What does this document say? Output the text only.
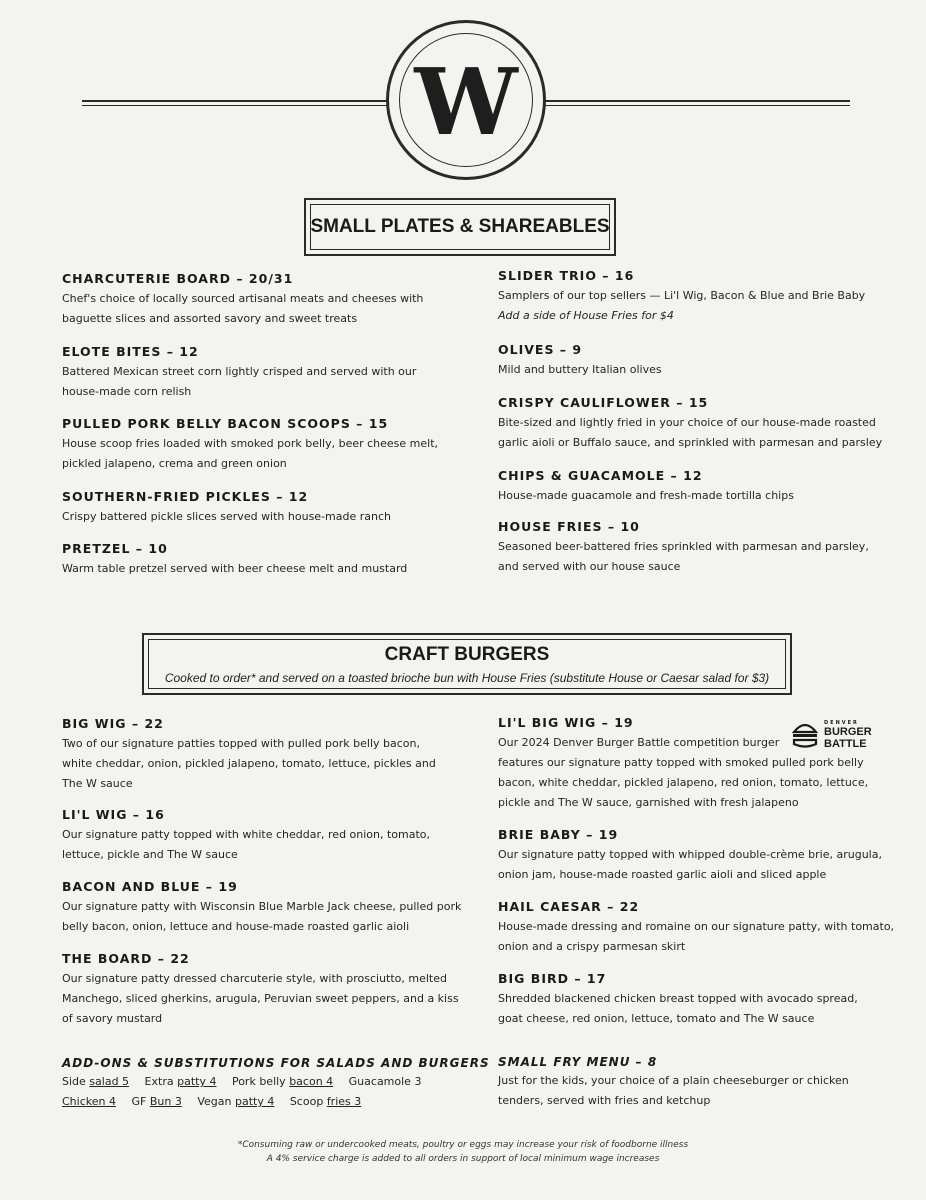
W
SMALL PLATES & SHAREABLES
CHARCUTERIE BOARD – 20/31
Chef's choice of locally sourced artisanal meats and cheeses with
baguette slices and assorted savory and sweet treats
ELOTE BITES – 12
Battered Mexican street corn lightly crisped and served with our
house-made corn relish
PULLED PORK BELLY BACON SCOOPS – 15
House scoop fries loaded with smoked pork belly, beer cheese melt,
pickled jalapeno, crema and green onion
SOUTHERN-FRIED PICKLES – 12
Crispy battered pickle slices served with house-made ranch
PRETZEL – 10
Warm table pretzel served with beer cheese melt and mustard
SLIDER TRIO – 16
Samplers of our top sellers — Li'l Wig, Bacon & Blue and Brie Baby
Add a side of House Fries for $4
OLIVES – 9
Mild and buttery Italian olives
CRISPY CAULIFLOWER – 15
Bite-sized and lightly fried in your choice of our house-made roasted
garlic aioli or Buffalo sauce, and sprinkled with parmesan and parsley
CHIPS & GUACAMOLE – 12
House-made guacamole and fresh-made tortilla chips
HOUSE FRIES – 10
Seasoned beer-battered fries sprinkled with parmesan and parsley,
and served with our house sauce
CRAFT BURGERS
Cooked to order* and served on a toasted brioche bun with House Fries (substitute House or Caesar salad for $3)
BIG WIG – 22
Two of our signature patties topped with pulled pork belly bacon,
white cheddar, onion, pickled jalapeno, tomato, lettuce, pickles and
The W sauce
LI'L WIG – 16
Our signature patty topped with white cheddar, red onion, tomato,
lettuce, pickle and The W sauce
BACON AND BLUE – 19
Our signature patty with Wisconsin Blue Marble Jack cheese, pulled pork
belly bacon, onion, lettuce and house-made roasted garlic aioli
THE BOARD – 22
Our signature patty dressed charcuterie style, with prosciutto, melted
Manchego, sliced gherkins, arugula, Peruvian sweet peppers, and a kiss
of savory mustard
LI'L BIG WIG – 19
Our 2024 Denver Burger Battle competition burger
features our signature patty topped with smoked pulled pork belly
bacon, white cheddar, pickled jalapeno, red onion, tomato, lettuce,
pickle and The W sauce, garnished with fresh jalapeno
DENVER
BURGER
BATTLE
BRIE BABY – 19
Our signature patty topped with whipped double-crème brie, arugula,
onion jam, house-made roasted garlic aioli and sliced apple
HAIL CAESAR – 22
House-made dressing and romaine on our signature patty, with tomato,
onion and a crispy parmesan skirt
BIG BIRD – 17
Shredded blackened chicken breast topped with avocado spread,
goat cheese, red onion, lettuce, tomato and The W sauce
ADD-ONS & SUBSTITUTIONS FOR SALADS AND BURGERS
Side salad 5 Extra patty 4 Pork belly bacon 4 Guacamole 3
Chicken 4 GF Bun 3 Vegan patty 4 Scoop fries 3
SMALL FRY MENU – 8
Just for the kids, your choice of a plain cheeseburger or chicken
tenders, served with fries and ketchup
*Consuming raw or undercooked meats, poultry or eggs may increase your risk of foodborne illness
A 4% service charge is added to all orders in support of local minimum wage increases
